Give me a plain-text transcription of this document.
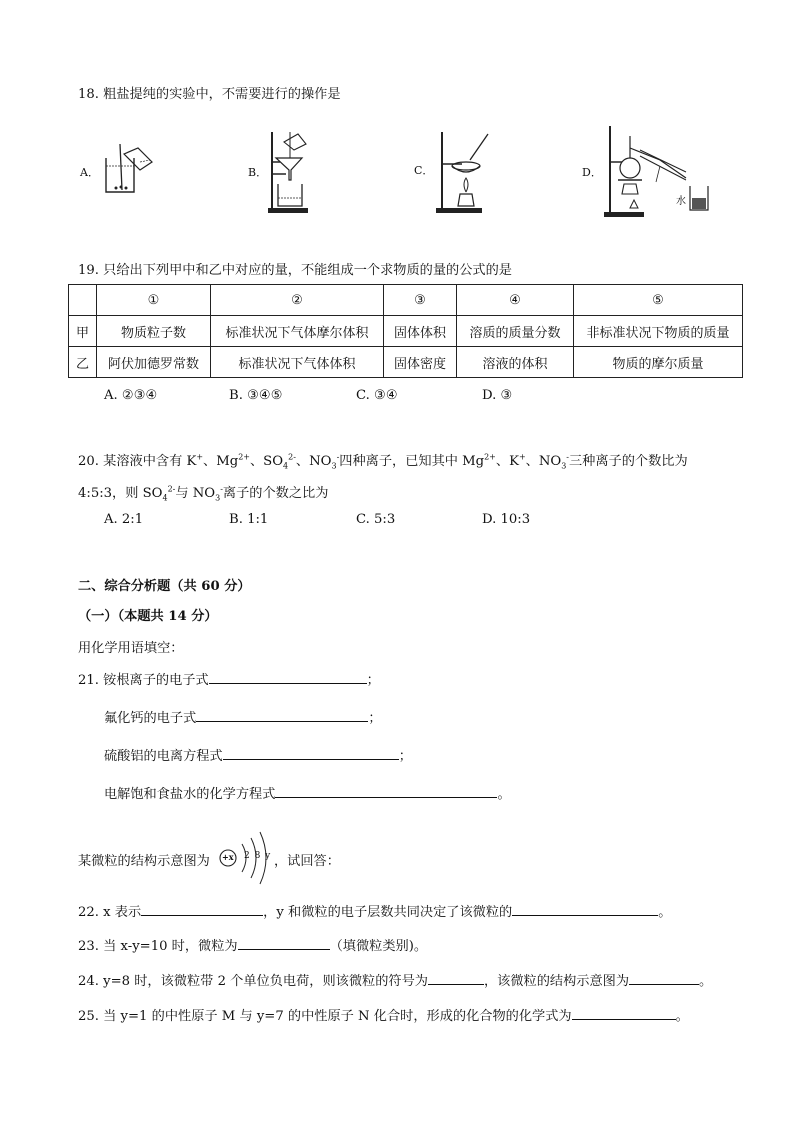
18. 粗盐提纯的实验中，不需要进行的操作是
A．	B．	C．	D．
水
19. 只给出下列甲中和乙中对应的量，不能组成一个求物质的量的公式的是
	①	②	③	④	⑤
甲	物质粒子数	标准状况下气体摩尔体积	固体体积	溶质的质量分数	非标准状况下物质的质量
乙	阿伏加德罗常数	标准状况下气体体积	固体密度	溶液的体积	物质的摩尔质量
A. ②③④	B. ③④⑤	C. ③④	D. ③
20. 某溶液中含有 K+、$Mg^{2+}$、$SO_4^{2-}$、$NO_3^-$四种离子，已知其中 $Mg^{2+}$、K+、$NO_3^-$三种离子的个数比为
4:5:3，则 $SO_4^{2-}$与 $NO_3^-$离子的个数之比为
A. 2:1	B. 1:1	C. 5:3	D. 10:3
二、综合分析题（共 60 分）
（一）（本题共 14 分）
用化学用语填空：
21. 铵根离子的电子式	；
氟化钙的电子式	；
硫酸铝的电离方程式	；
电解饱和食盐水的化学方程式	。
某微粒的结构示意图为 +x 2 8 y ，试回答：
22. x 表示	，y 和微粒的电子层数共同决定了该微粒的	。
23. 当 x-y=10 时，微粒为	（填微粒类别)。
24. y=8 时，该微粒带 2 个单位负电荷，则该微粒的符号为	，该微粒的结构示意图为	。
25. 当 y=1 的中性原子 M 与 y=7 的中性原子 N 化合时，形成的化合物的化学式为	。
